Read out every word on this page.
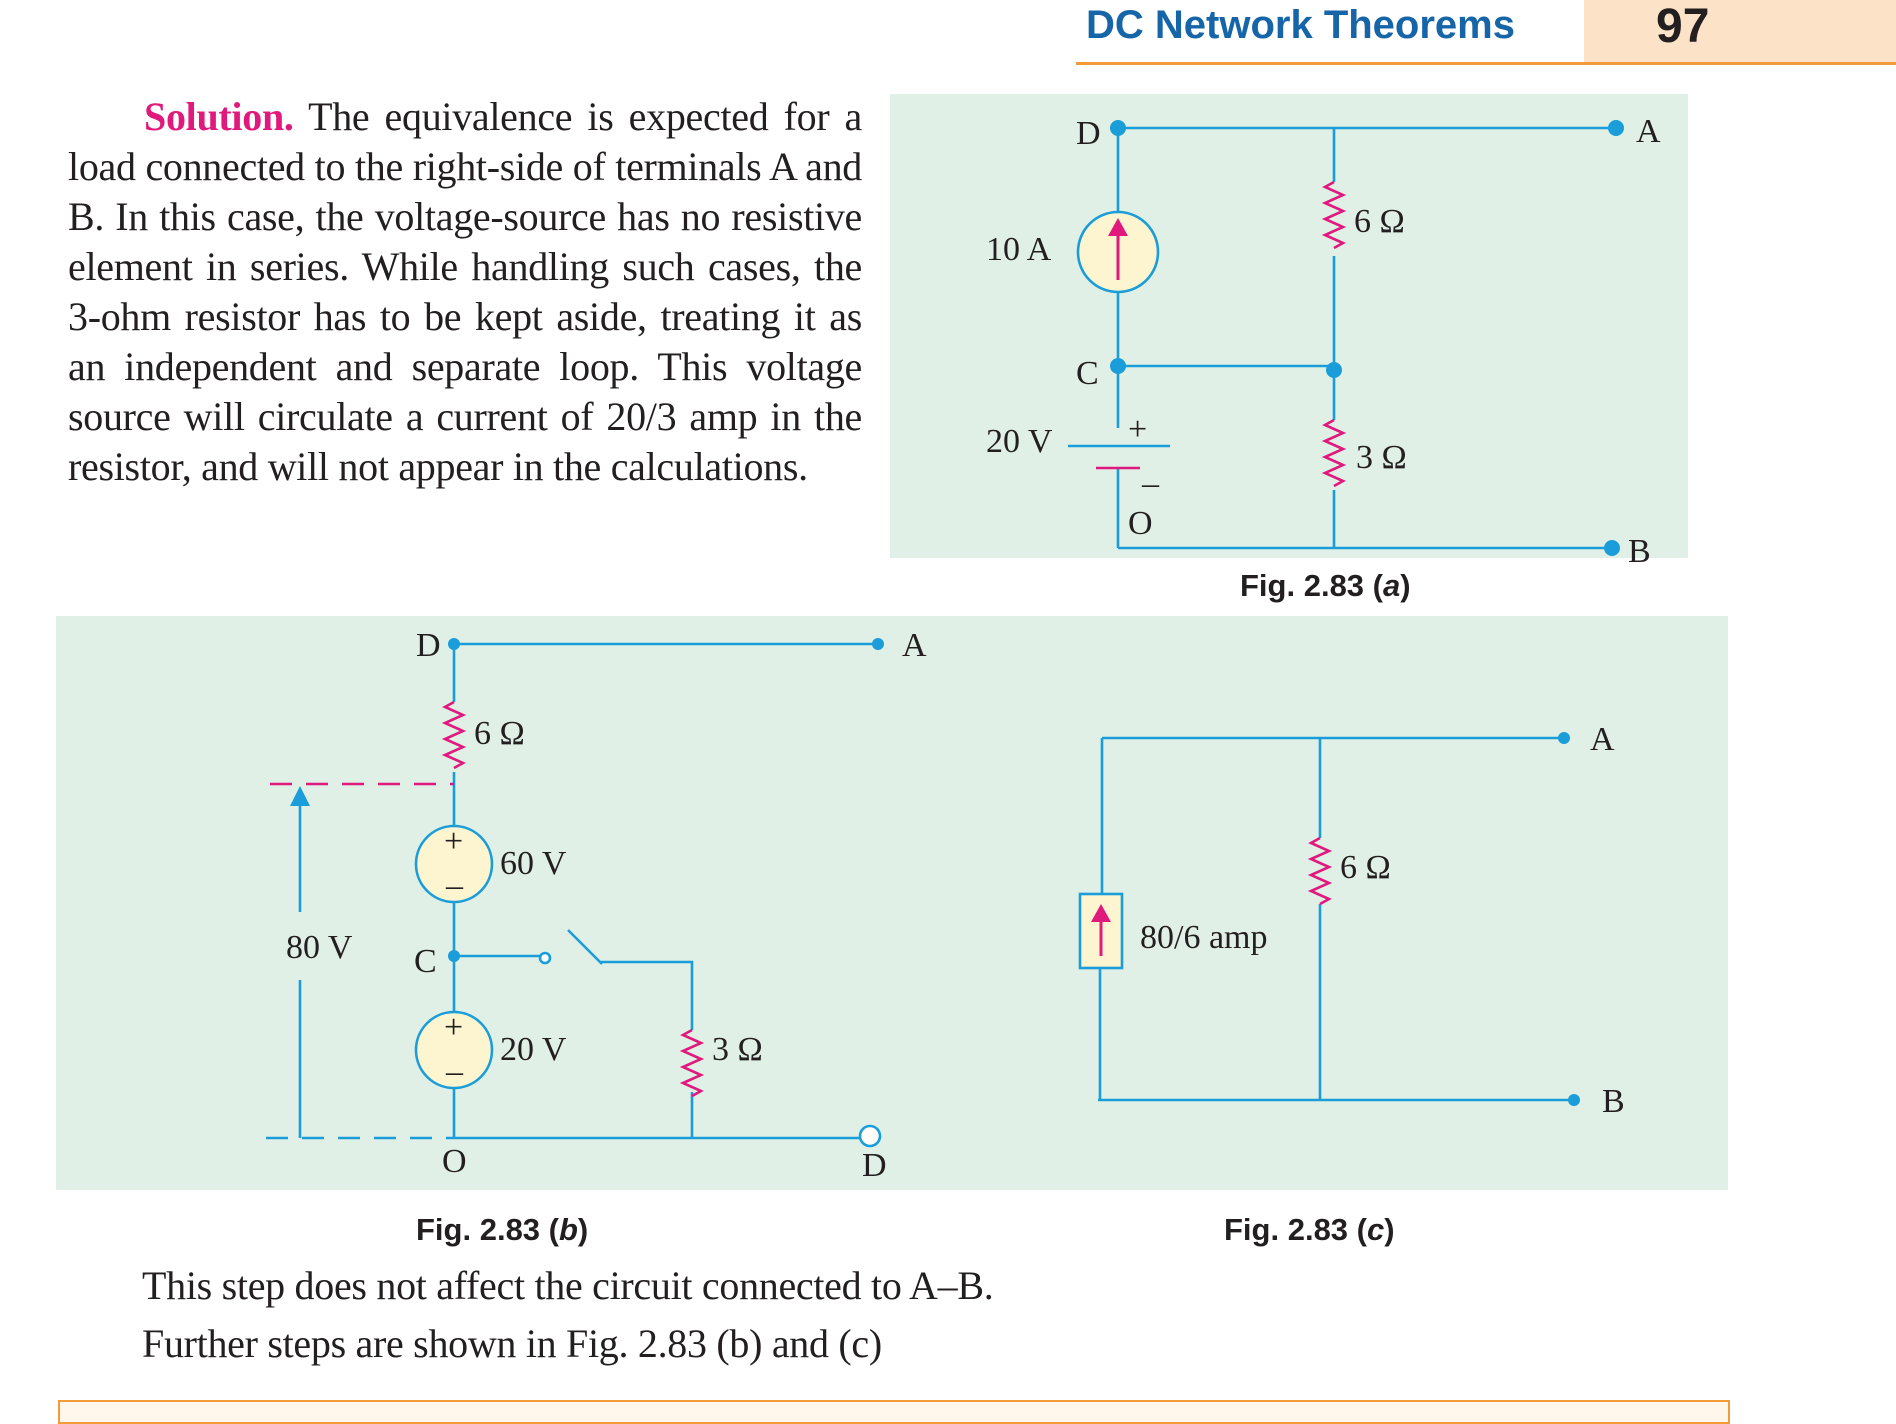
DC Network Theorems	97
Solution. The equivalence is expected for a load connected to the right-side of terminals A and B. In this case, the voltage-source has no resistive element in series. While handling such cases, the 3-ohm resistor has to be kept aside, treating it as an independent and separate loop. This voltage source will circulate a current of 20/3 amp in the resistor, and will not appear in the calculations.
D	A
C
O
B
10 A
20 V +
–
6 Ω
3 Ω
D	A
C
O	D
6 Ω
3 Ω
60 V
20 V
80 V
+
–
+
–
A
B
6 Ω
80/6 amp
Fig. 2.83 (a)
Fig. 2.83 (b)	Fig. 2.83 (c)
This step does not affect the circuit connected to A–B.
Further steps are shown in Fig. 2.83 (b) and (c)
